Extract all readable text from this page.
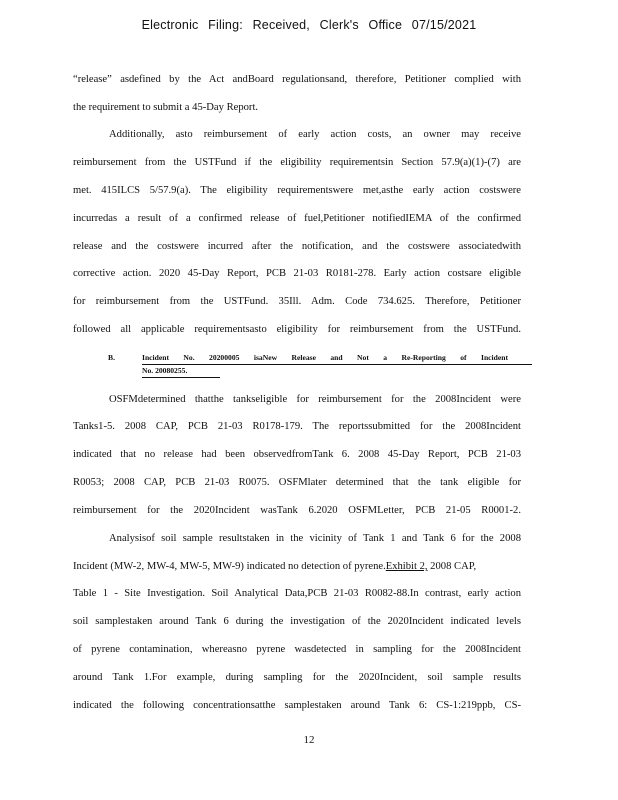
Electronic Filing: Received, Clerk's Office 07/15/2021
“release” asdefined by the Act andBoard regulationsand, therefore, Petitioner complied with
the requirement to submit a 45-Day Report.
Additionally, asto reimbursement of early action costs, an owner may receive
reimbursement from the USTFund if the eligibility requirementsin Section 57.9(a)(1)-(7) are
met. 415ILCS 5/57.9(a). The eligibility requirementswere met,asthe early action costswere
incurredas a result of a confirmed release of fuel,Petitioner notifiedIEMA of the confirmed
release and the costswere incurred after the notification, and the costswere associatedwith
corrective action. 2020 45-Day Report, PCB 21-03 R0181-278. Early action costsare eligible
for reimbursement from the USTFund. 35Ill. Adm. Code 734.625. Therefore, Petitioner
followed all applicable requirementsasto eligibility for reimbursement from the USTFund.
B.	Incident No. 20200005 isaNew Release and Not a Re-Reporting of Incident
No. 20080255.
OSFMdetermined thatthe tankseligible for reimbursement for the 2008Incident were
Tanks1-5. 2008 CAP, PCB 21-03 R0178-179. The reportssubmitted for the 2008Incident
indicated that no release had been observedfromTank 6. 2008 45-Day Report, PCB 21-03
R0053; 2008 CAP, PCB 21-03 R0075. OSFMlater determined that the tank eligible for
reimbursement for the 2020Incident wasTank 6.2020 OSFMLetter, PCB 21-05 R0001-2.
Analysisof soil sample resultstaken in the vicinity of Tank 1 and Tank 6 for the 2008
Incident (MW-2, MW-4, MW-5, MW-9) indicated no detection of pyrene.Exhibit 2, 2008 CAP,
Table 1 - Site Investigation. Soil Analytical Data,PCB 21-03 R0082-88.In contrast, early action
soil samplestaken around Tank 6 during the investigation of the 2020Incident indicated levels
of pyrene contamination, whereasno pyrene wasdetected in sampling for the 2008Incident
around Tank 1.For example, during sampling for the 2020Incident, soil sample results
indicated the following concentrationsatthe samplestaken around Tank 6: CS-1:219ppb, CS-
12
